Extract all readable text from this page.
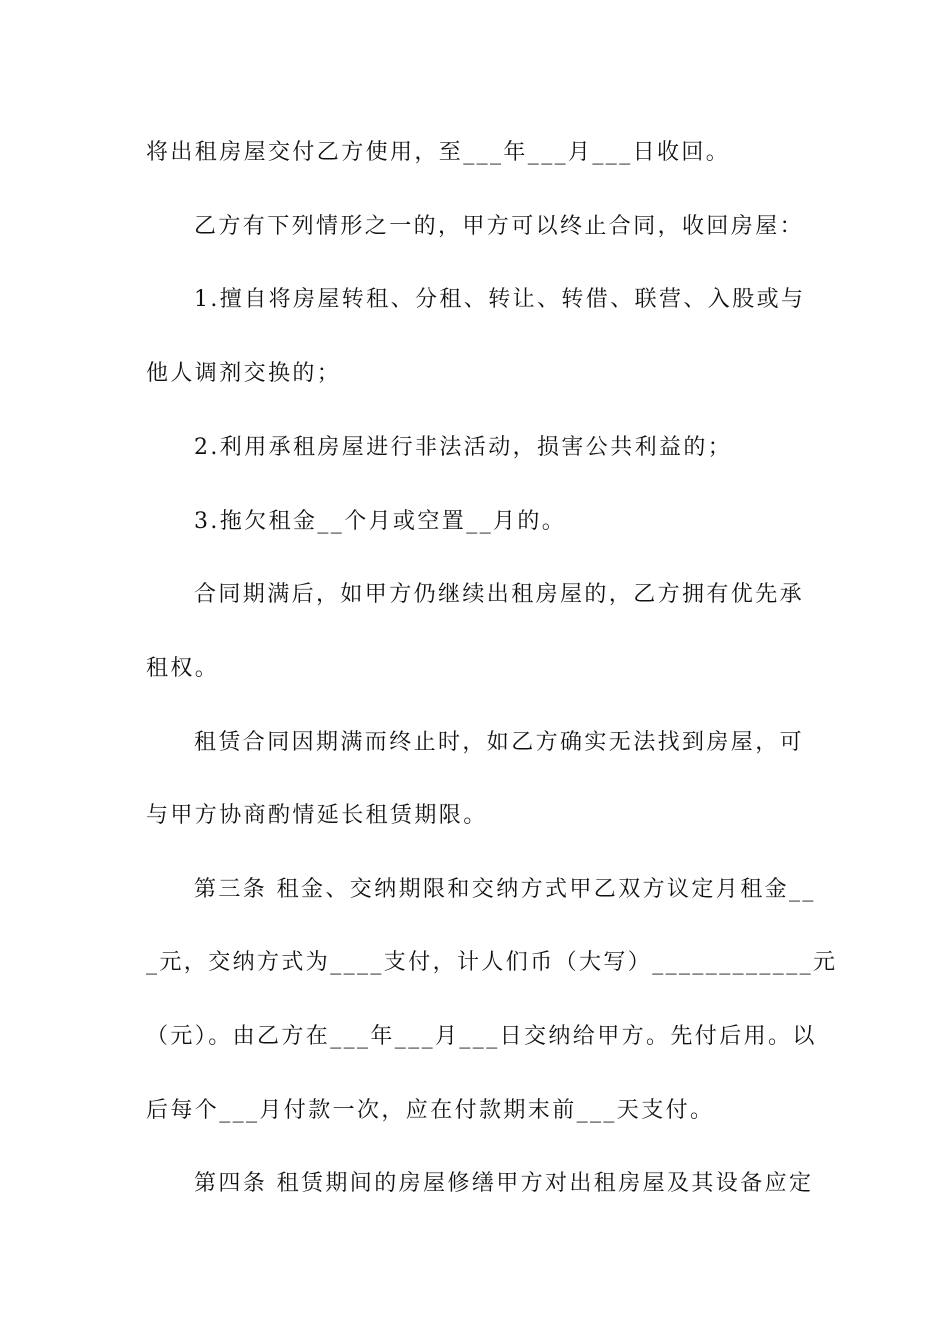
将出租房屋交付乙方使用，至___年___月___日收回。
乙方有下列情形之一的，甲方可以终止合同，收回房屋：
1.擅自将房屋转租、分租、转让、转借、联营、入股或与
他人调剂交换的；
2.利用承租房屋进行非法活动，损害公共利益的；
3.拖欠租金__个月或空置__月的。
合同期满后，如甲方仍继续出租房屋的，乙方拥有优先承
租权。
租赁合同因期满而终止时，如乙方确实无法找到房屋，可
与甲方协商酌情延长租赁期限。
第三条 租金、交纳期限和交纳方式甲乙双方议定月租金__
_元，交纳方式为____支付，计人们币（大写）____________元
（元）。由乙方在___年___月___日交纳给甲方。先付后用。以
后每个___月付款一次，应在付款期末前___天支付。
第四条 租赁期间的房屋修缮甲方对出租房屋及其设备应定
